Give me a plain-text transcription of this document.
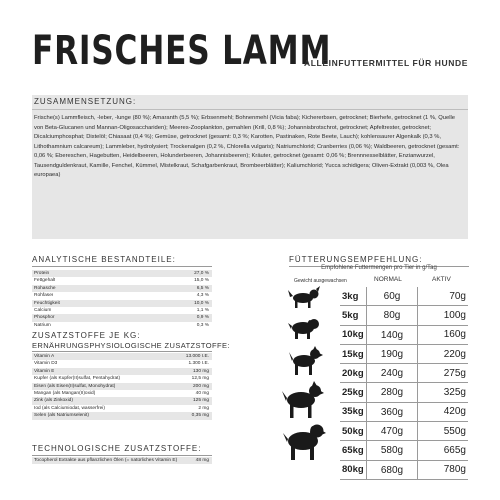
FRISCHES LAMM
ALLEINFUTTERMITTEL FÜR HUNDE
ZUSAMMENSETZUNG:
Frische(s) Lammfleisch, -leber, -lunge (80 %); Amaranth (5,5 %); Erbsenmehl; Bohnenmehl (Vicia faba); Kichererbsen, getrocknet; Bierhefe, getrocknet (1 %, Quelle von Beta-Glucanen und Mannan-Oligosacchariden); Meeres-Zooplankton, gemahlen (Krill, 0,8 %); Johannisbrotschrot, getrocknet; Apfeltrester, getrocknet; Dicalciumphosphat; Distelöl; Chiasaat (0,4 %); Gemüse, getrocknet (gesamt: 0,3 %; Karotten, Pastinaken, Rote Beete, Lauch); kohlensaurer Algenkalk (0,3 %, Lithothamnium calcareum); Lammleber, hydrolysiert; Trockenalgen (0,2 %, Chlorella vulgaris); Natriumchlorid; Cranberries (0,06 %); Waldbeeren, getrocknet (gesamt: 0,06 %; Ebereschen, Hagebutten, Heidelbeeren, Holunderbeeren, Johannisbeeren); Kräuter, getrocknet (gesamt: 0,06 %; Brennnesselblätter, Enzianwurzel, Tausendguldenkraut, Kamille, Fenchel, Kümmel, Mistelkraut, Schafgarbenkraut, Brombeerblätter); Kaliumchlorid; Yucca schidigera; Oliven-Extrakt (0,003 %, Olea europaea)
ANALYTISCHE BESTANDTEILE:
Protein	27,0 %
Fettgehalt	15,0 %
Rohasche	6,5 %
Rohfaser	4,3 %
Feuchtigkeit	10,0 %
Calcium	1,1 %
Phosphor	0,9 %
Natrium	0,3 %
ZUSATZSTOFFE JE KG:
ERNÄHRUNGSPHYSIOLOGISCHE ZUSATZSTOFFE:
Vitamin A	13.000 I.E.
Vitamin D3	1.300 I.E.
Vitamin E	130 mg
Kupfer (als Kupfer(II)sulfat, Pentahydrat)	12,5 mg
Eisen (als Eisen(II)sulfat, Monohydrat)	200 mg
Mangan (als Mangan(II)oxid)	40 mg
Zink (als Zinkoxid)	125 mg
Iod (als Calciumiodat, wasserfrei)	2 mg
Selen (als Natriumselenit)	0,35 mg
TECHNOLOGISCHE ZUSATZSTOFFE:
Tocopherol Extrakte aus pflanzlichen Ölen (= natürliches Vitamin E)	48 mg
FÜTTERUNGSEMPFEHLUNG:
Empfohlene Futtermengen pro Tier in g/Tag
Gewicht ausgewachsen	NORMAL	AKTIV
3kg	60g	70g
5kg	80g	100g
10kg	140g	160g
15kg	190g	220g
20kg	240g	275g
25kg	280g	325g
35kg	360g	420g
50kg	470g	550g
65kg	580g	665g
80kg	680g	780g
